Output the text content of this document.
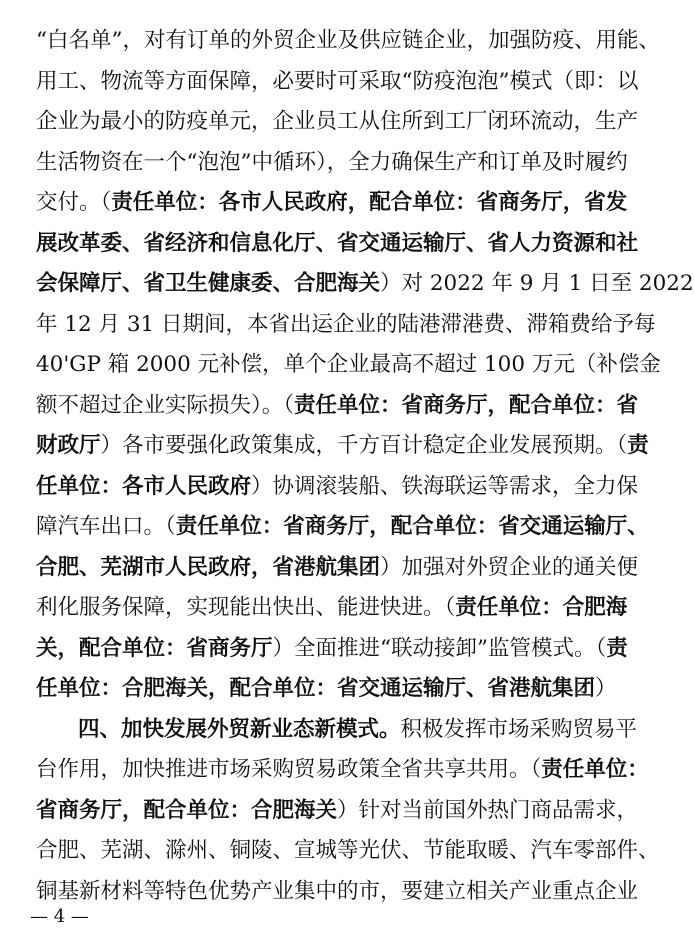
“白名单”，对有订单的外贸企业及供应链企业，加强防疫、用能、
用工、物流等方面保障，必要时可采取“防疫泡泡”模式（即：以
企业为最小的防疫单元，企业员工从住所到工厂闭环流动，生产
生活物资在一个“泡泡”中循环），全力确保生产和订单及时履约
交付。（责任单位：各市人民政府，配合单位：省商务厅，省发
展改革委、省经济和信息化厅、省交通运输厅、省人力资源和社
会保障厅、省卫生健康委、合肥海关）对 2022 年 9 月 1 日至 2022
年 12 月 31 日期间，本省出运企业的陆港滞港费、滞箱费给予每
40'GP 箱 2000 元补偿，单个企业最高不超过 100 万元（补偿金
额不超过企业实际损失）。（责任单位：省商务厅，配合单位：省
财政厅）各市要强化政策集成，千方百计稳定企业发展预期。（责
任单位：各市人民政府）协调滚装船、铁海联运等需求，全力保
障汽车出口。（责任单位：省商务厅，配合单位：省交通运输厅、
合肥、芜湖市人民政府，省港航集团）加强对外贸企业的通关便
利化服务保障，实现能出快出、能进快进。（责任单位：合肥海
关，配合单位：省商务厅）全面推进“联动接卸”监管模式。（责
任单位：合肥海关，配合单位：省交通运输厅、省港航集团）
四、加快发展外贸新业态新模式。积极发挥市场采购贸易平
台作用，加快推进市场采购贸易政策全省共享共用。（责任单位：
省商务厅，配合单位：合肥海关）针对当前国外热门商品需求，
合肥、芜湖、滁州、铜陵、宣城等光伏、节能取暖、汽车零部件、
铜基新材料等特色优势产业集中的市，要建立相关产业重点企业
— 4 —
